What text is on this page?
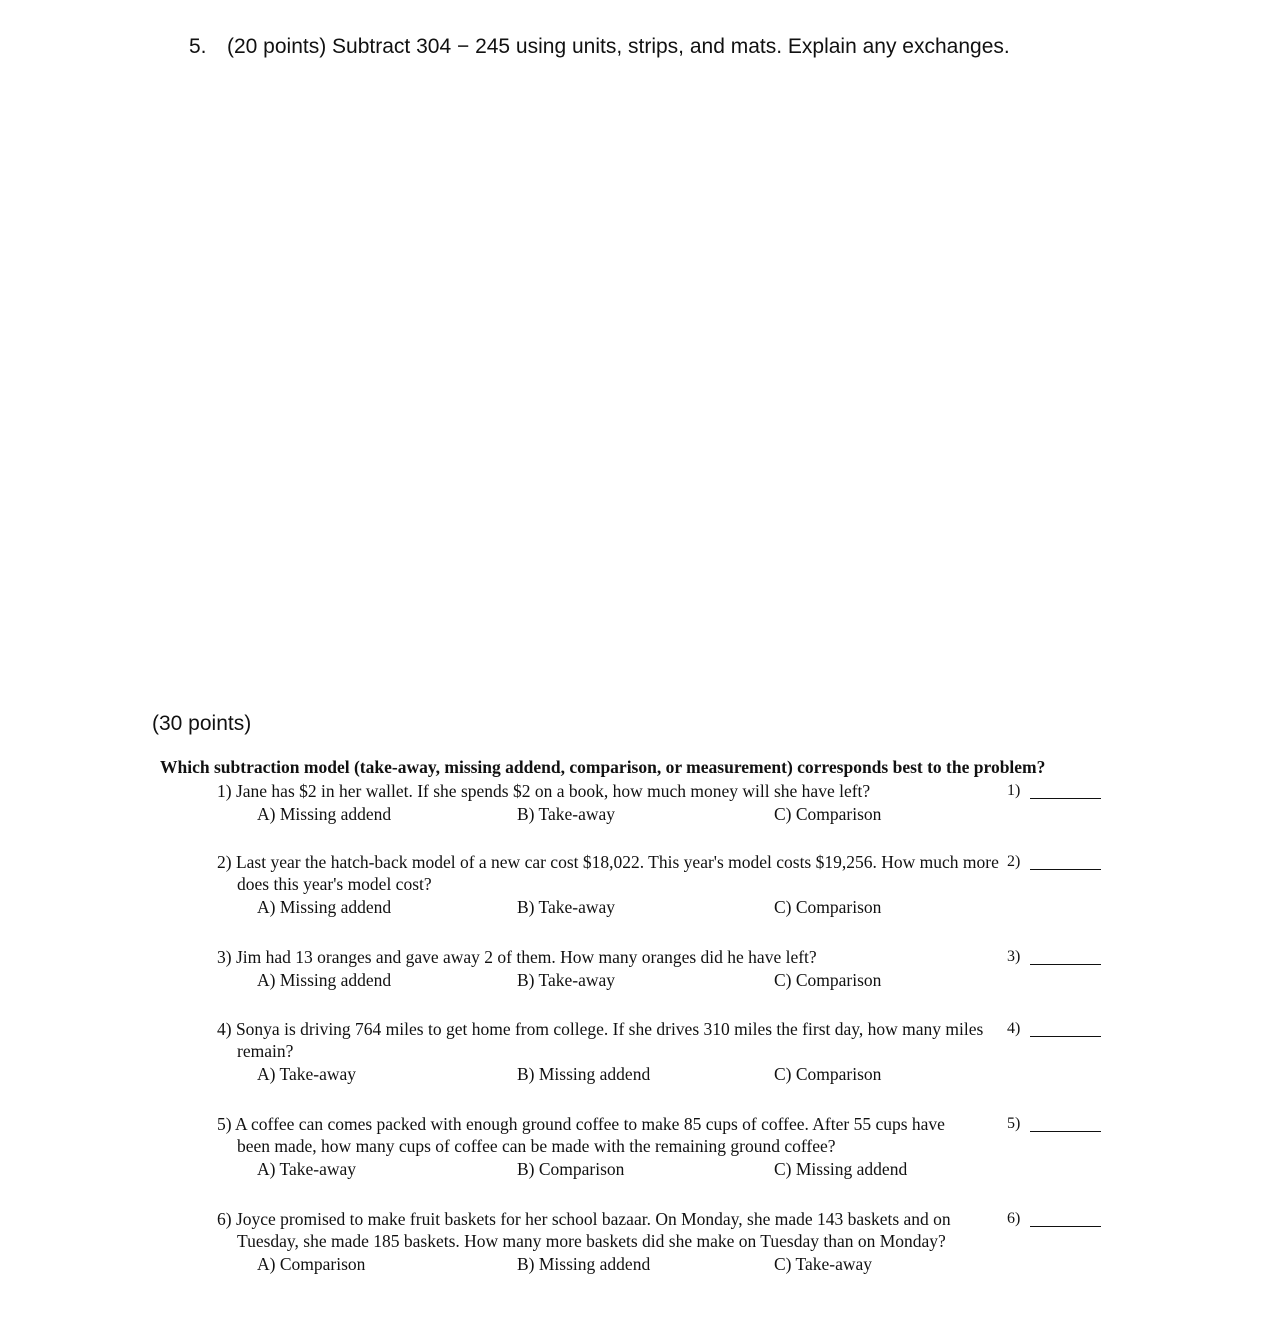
5. (20 points) Subtract 304 − 245 using units, strips, and mats. Explain any exchanges.
(30 points)
Which subtraction model (take-away, missing addend, comparison, or measurement) corresponds best to the problem?
1) Jane has $2 in her wallet. If she spends $2 on a book, how much money will she have left?
A) Missing addend	B) Take-away	C) Comparison
1)
2) Last year the hatch-back model of a new car cost $18,022. This year's model costs $19,256. How much more does this year's model cost?
A) Missing addend	B) Take-away	C) Comparison
2)
3) Jim had 13 oranges and gave away 2 of them. How many oranges did he have left?
A) Missing addend	B) Take-away	C) Comparison
3)
4) Sonya is driving 764 miles to get home from college. If she drives 310 miles the first day, how many miles remain?
A) Take-away	B) Missing addend	C) Comparison
4)
5) A coffee can comes packed with enough ground coffee to make 85 cups of coffee. After 55 cups have been made, how many cups of coffee can be made with the remaining ground coffee?
A) Take-away	B) Comparison	C) Missing addend
5)
6) Joyce promised to make fruit baskets for her school bazaar. On Monday, she made 143 baskets and on Tuesday, she made 185 baskets. How many more baskets did she make on Tuesday than on Monday?
A) Comparison	B) Missing addend	C) Take-away
6)
